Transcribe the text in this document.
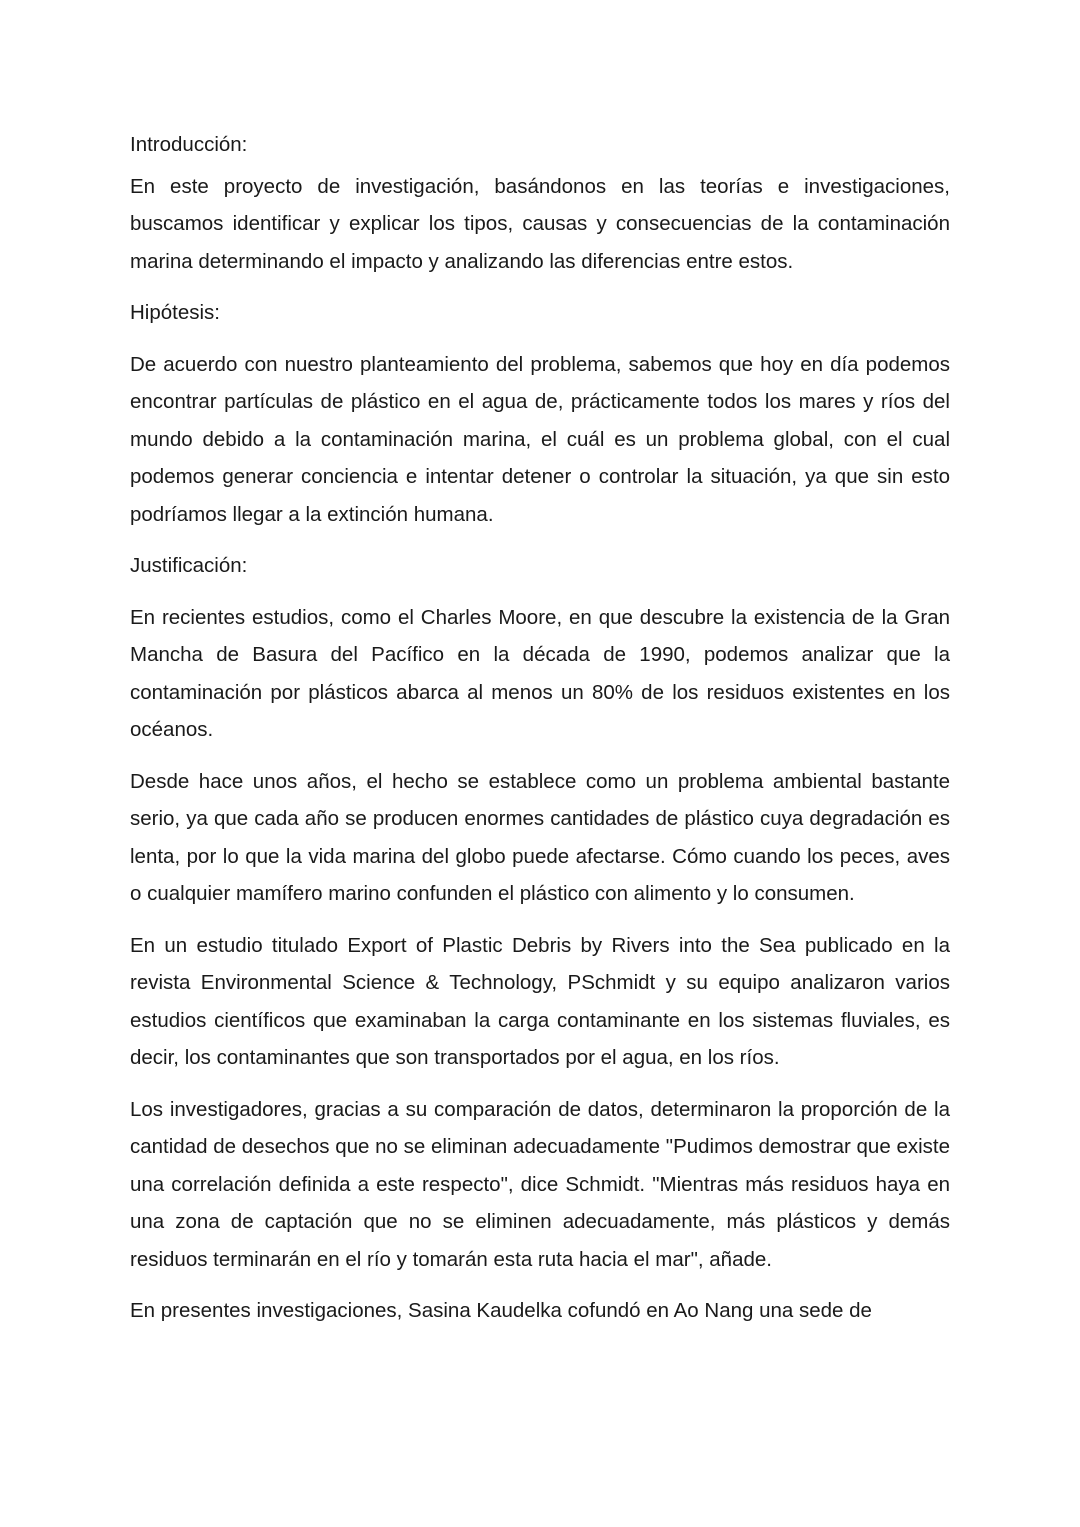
Introducción:

En este proyecto de investigación, basándonos en las teorías e investigaciones, buscamos identificar y explicar los tipos, causas y consecuencias de la contaminación marina determinando el impacto y analizando las diferencias entre estos.

Hipótesis:

De acuerdo con nuestro planteamiento del problema, sabemos que hoy en día podemos encontrar partículas de plástico en el agua de, prácticamente todos los mares y ríos del mundo debido a la contaminación marina, el cuál es un problema global, con el cual podemos generar conciencia e intentar detener o controlar la situación, ya que sin esto podríamos llegar a la extinción humana.

Justificación:

En recientes estudios, como el Charles Moore, en que descubre la existencia de la Gran Mancha de Basura del Pacífico en la década de 1990, podemos analizar que la contaminación por plásticos abarca al menos un 80% de los residuos existentes en los océanos.

Desde hace unos años, el hecho se establece como un problema ambiental bastante serio, ya que cada año se producen enormes cantidades de plástico cuya degradación es lenta, por lo que la vida marina del globo puede afectarse. Cómo cuando los peces, aves o cualquier mamífero marino confunden el plástico con alimento y lo consumen.

En un estudio titulado Export of Plastic Debris by Rivers into the Sea publicado en la revista Environmental Science & Technology, PSchmidt y su equipo analizaron varios estudios científicos que examinaban la carga contaminante en los sistemas fluviales, es decir, los contaminantes que son transportados por el agua, en los ríos.

Los investigadores, gracias a su comparación de datos, determinaron la proporción de la cantidad de desechos que no se eliminan adecuadamente "Pudimos demostrar que existe una correlación definida a este respecto", dice Schmidt. "Mientras más residuos haya en una zona de captación que no se eliminen adecuadamente, más plásticos y demás residuos terminarán en el río y tomarán esta ruta hacia el mar", añade.

En presentes investigaciones, Sasina Kaudelka cofundó en Ao Nang una sede de
